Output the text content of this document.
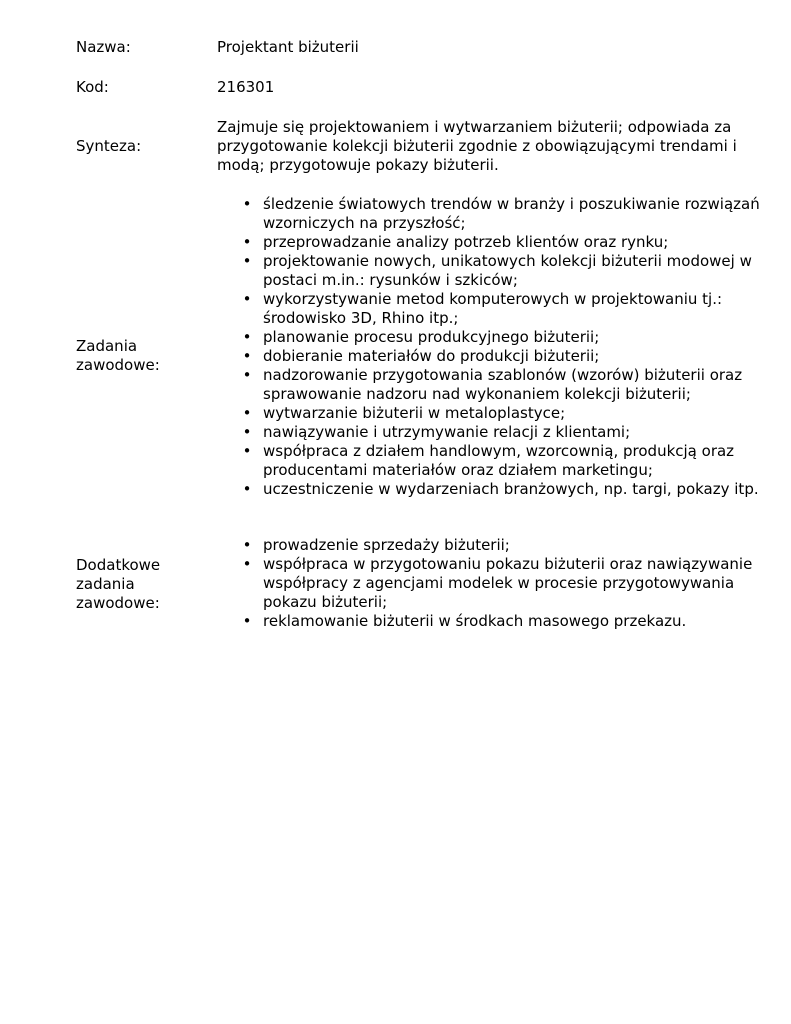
Nazwa:	Projektant biżuterii
Kod:	216301
Synteza:
Zajmuje się projektowaniem i wytwarzaniem biżuterii; odpowiada za przygotowanie kolekcji biżuterii zgodnie z obowiązującymi trendami i modą; przygotowuje pokazy biżuterii.
Zadania
zawodowe:
• śledzenie światowych trendów w branży i poszukiwanie rozwiązań wzorniczych na przyszłość;
• przeprowadzanie analizy potrzeb klientów oraz rynku;
• projektowanie nowych, unikatowych kolekcji biżuterii modowej w postaci m.in.: rysunków i szkiców;
• wykorzystywanie metod komputerowych w projektowaniu tj.: środowisko 3D, Rhino itp.;
• planowanie procesu produkcyjnego biżuterii;
• dobieranie materiałów do produkcji biżuterii;
• nadzorowanie przygotowania szablonów (wzorów) biżuterii oraz sprawowanie nadzoru nad wykonaniem kolekcji biżuterii;
• wytwarzanie biżuterii w metaloplastyce;
• nawiązywanie i utrzymywanie relacji z klientami;
• współpraca z działem handlowym, wzorcownią, produkcją oraz producentami materiałów oraz działem marketingu;
• uczestniczenie w wydarzeniach branżowych, np. targi, pokazy itp.
Dodatkowe
zadania
zawodowe:
• prowadzenie sprzedaży biżuterii;
• współpraca w przygotowaniu pokazu biżuterii oraz nawiązywanie współpracy z agencjami modelek w procesie przygotowywania pokazu biżuterii;
• reklamowanie biżuterii w środkach masowego przekazu.
